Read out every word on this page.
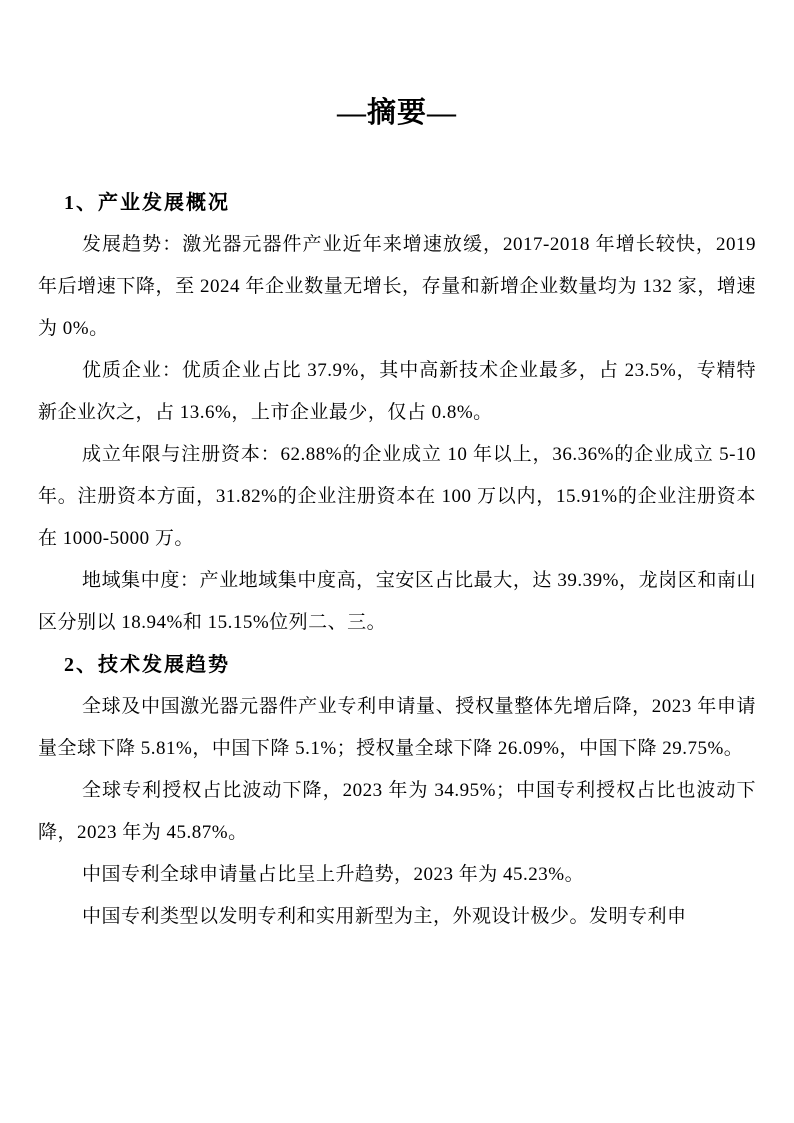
—摘要—
1、产业发展概况

发展趋势：激光器元器件产业近年来增速放缓，2017-2018 年增长较快，2019 年后增速下降，至 2024 年企业数量无增长，存量和新增企业数量均为 132 家，增速为 0%。

优质企业：优质企业占比 37.9%，其中高新技术企业最多，占 23.5%，专精特新企业次之，占 13.6%，上市企业最少，仅占 0.8%。

成立年限与注册资本：62.88%的企业成立 10 年以上，36.36%的企业成立 5-10 年。注册资本方面，31.82%的企业注册资本在 100 万以内，15.91%的企业注册资本在 1000-5000 万。

地域集中度：产业地域集中度高，宝安区占比最大，达 39.39%，龙岗区和南山区分别以 18.94%和 15.15%位列二、三。

2、技术发展趋势

全球及中国激光器元器件产业专利申请量、授权量整体先增后降，2023 年申请量全球下降 5.81%，中国下降 5.1%；授权量全球下降 26.09%，中国下降 29.75%。

全球专利授权占比波动下降，2023 年为 34.95%；中国专利授权占比也波动下降，2023 年为 45.87%。

中国专利全球申请量占比呈上升趋势，2023 年为 45.23%。

中国专利类型以发明专利和实用新型为主，外观设计极少。发明专利申
